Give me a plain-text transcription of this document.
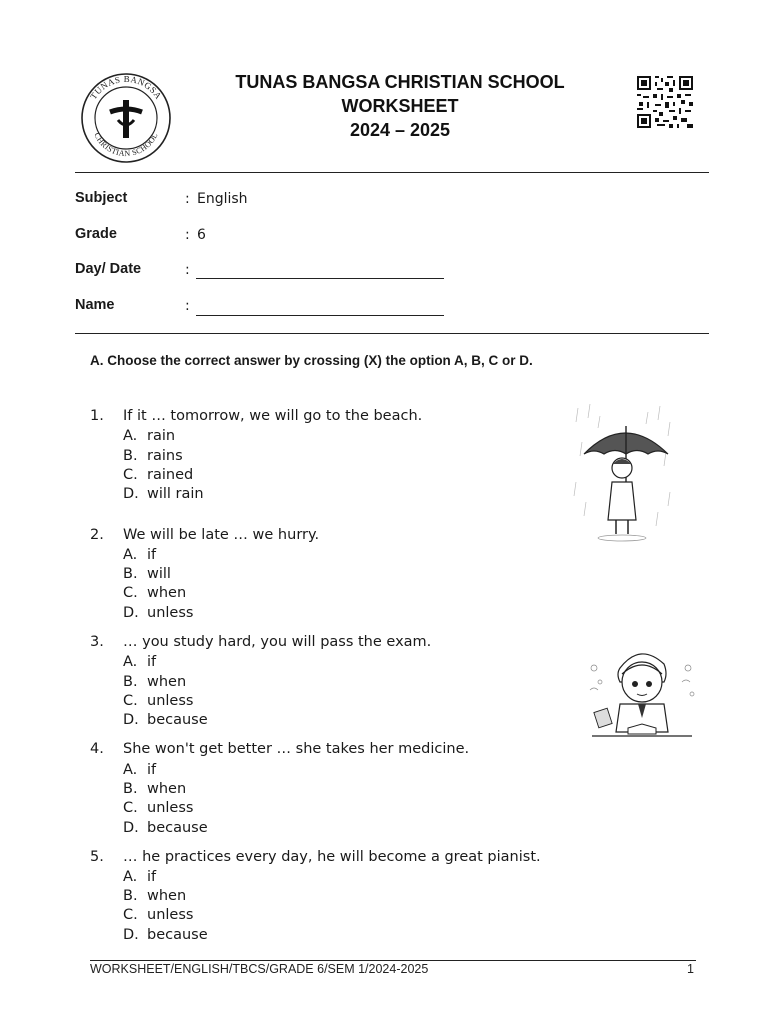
TUNAS BANGSA
CHRISTIAN SCHOOL
TUNAS BANGSA CHRISTIAN SCHOOL
WORKSHEET
2024 – 2025
Subject	: English
Grade	: 6
Day/ Date	:
Name	:
A. Choose the correct answer by crossing (X) the option A, B, C or D.
1. If it … tomorrow, we will go to the beach.
A. rain
B. rains
C. rained
D. will rain
2. We will be late … we hurry.
A. if
B. will
C. when
D. unless
3. … you study hard, you will pass the exam.
A. if
B. when
C. unless
D. because
4. She won't get better … she takes her medicine.
A. if
B. when
C. unless
D. because
5. … he practices every day, he will become a great pianist.
A. if
B. when
C. unless
D. because
WORKSHEET/ENGLISH/TBCS/GRADE 6/SEM 1/2024-2025	1
